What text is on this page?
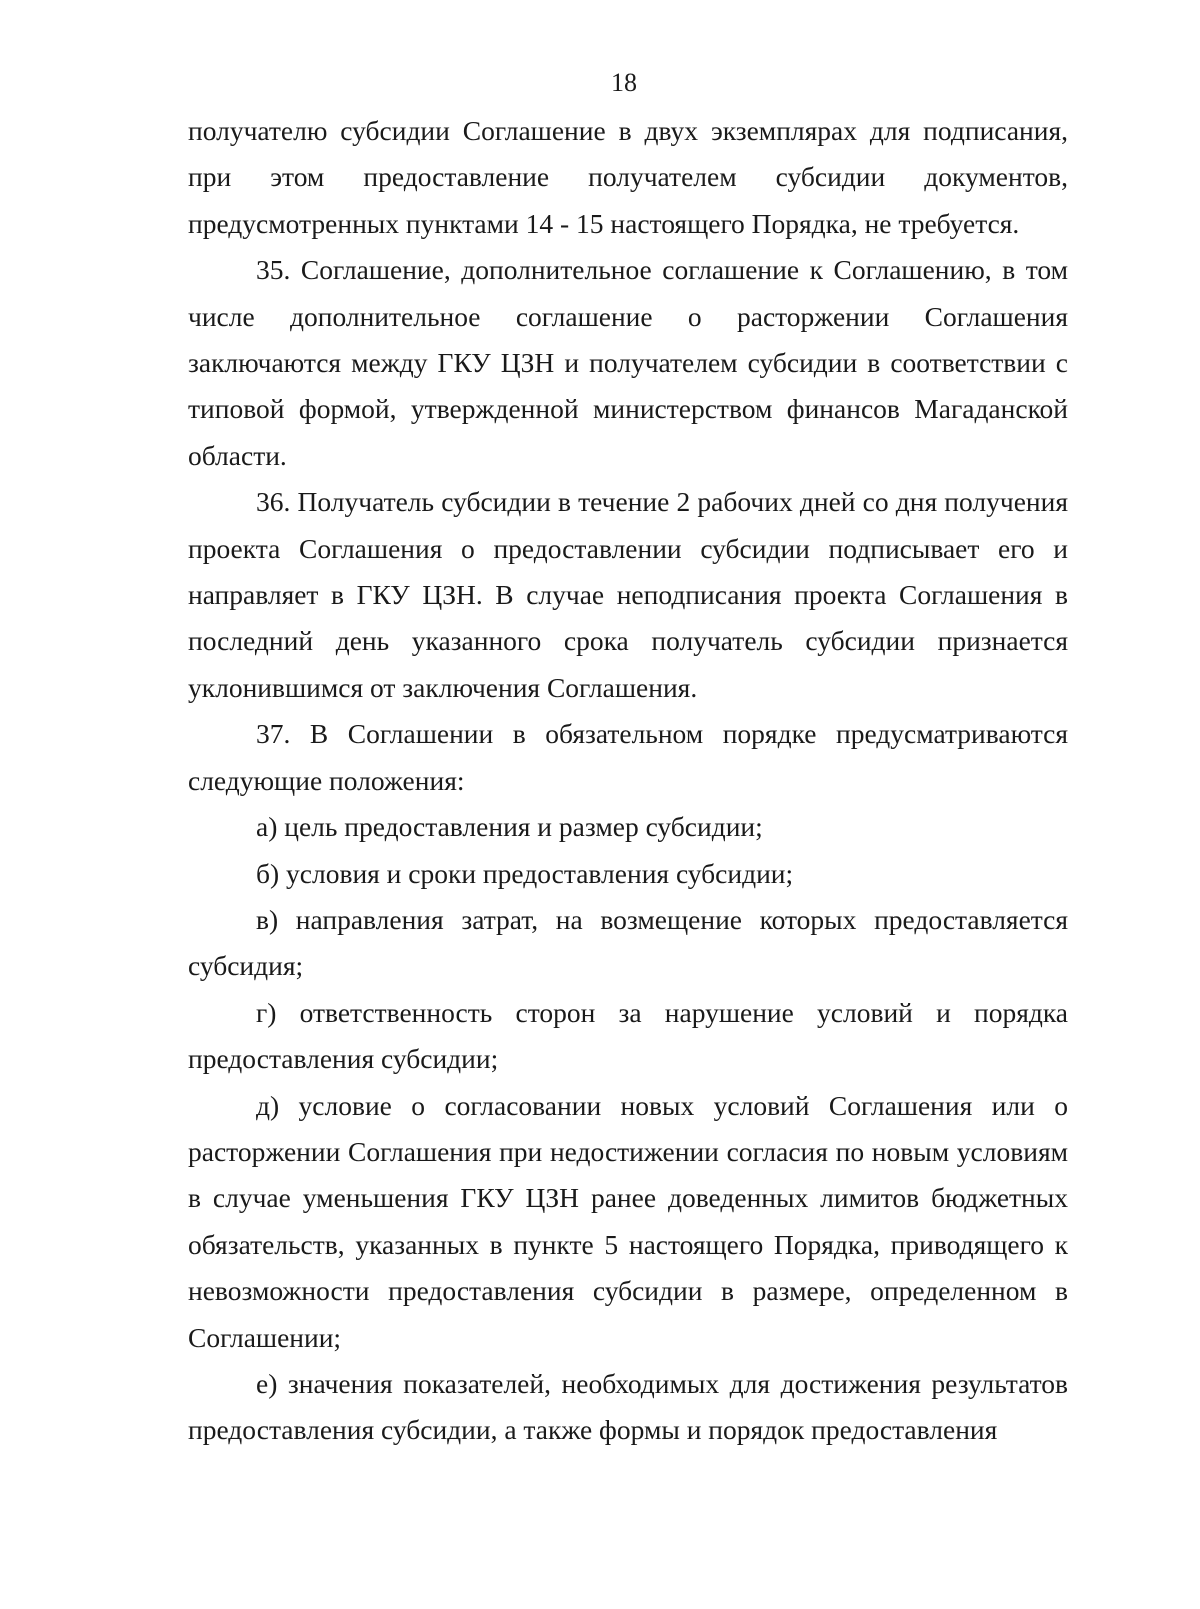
18

получателю субсидии Соглашение в двух экземплярах для подписания, при этом предоставление получателем субсидии документов, предусмотренных пунктами 14 - 15 настоящего Порядка, не требуется.

35. Соглашение, дополнительное соглашение к Соглашению, в том числе дополнительное соглашение о расторжении Соглашения заключаются между ГКУ ЦЗН и получателем субсидии в соответствии с типовой формой, утвержденной министерством финансов Магаданской области.

36. Получатель субсидии в течение 2 рабочих дней со дня получения проекта Соглашения о предоставлении субсидии подписывает его и направляет в ГКУ ЦЗН. В случае неподписания проекта Соглашения в последний день указанного срока получатель субсидии признается уклонившимся от заключения Соглашения.

37. В Соглашении в обязательном порядке предусматриваются следующие положения:

а) цель предоставления и размер субсидии;

б) условия и сроки предоставления субсидии;

в) направления затрат, на возмещение которых предоставляется субсидия;

г) ответственность сторон за нарушение условий и порядка предоставления субсидии;

д) условие о согласовании новых условий Соглашения или о расторжении Соглашения при недостижении согласия по новым условиям в случае уменьшения ГКУ ЦЗН ранее доведенных лимитов бюджетных обязательств, указанных в пункте 5 настоящего Порядка, приводящего к невозможности предоставления субсидии в размере, определенном в Соглашении;

е) значения показателей, необходимых для достижения результатов предоставления субсидии, а также формы и порядок предоставления
